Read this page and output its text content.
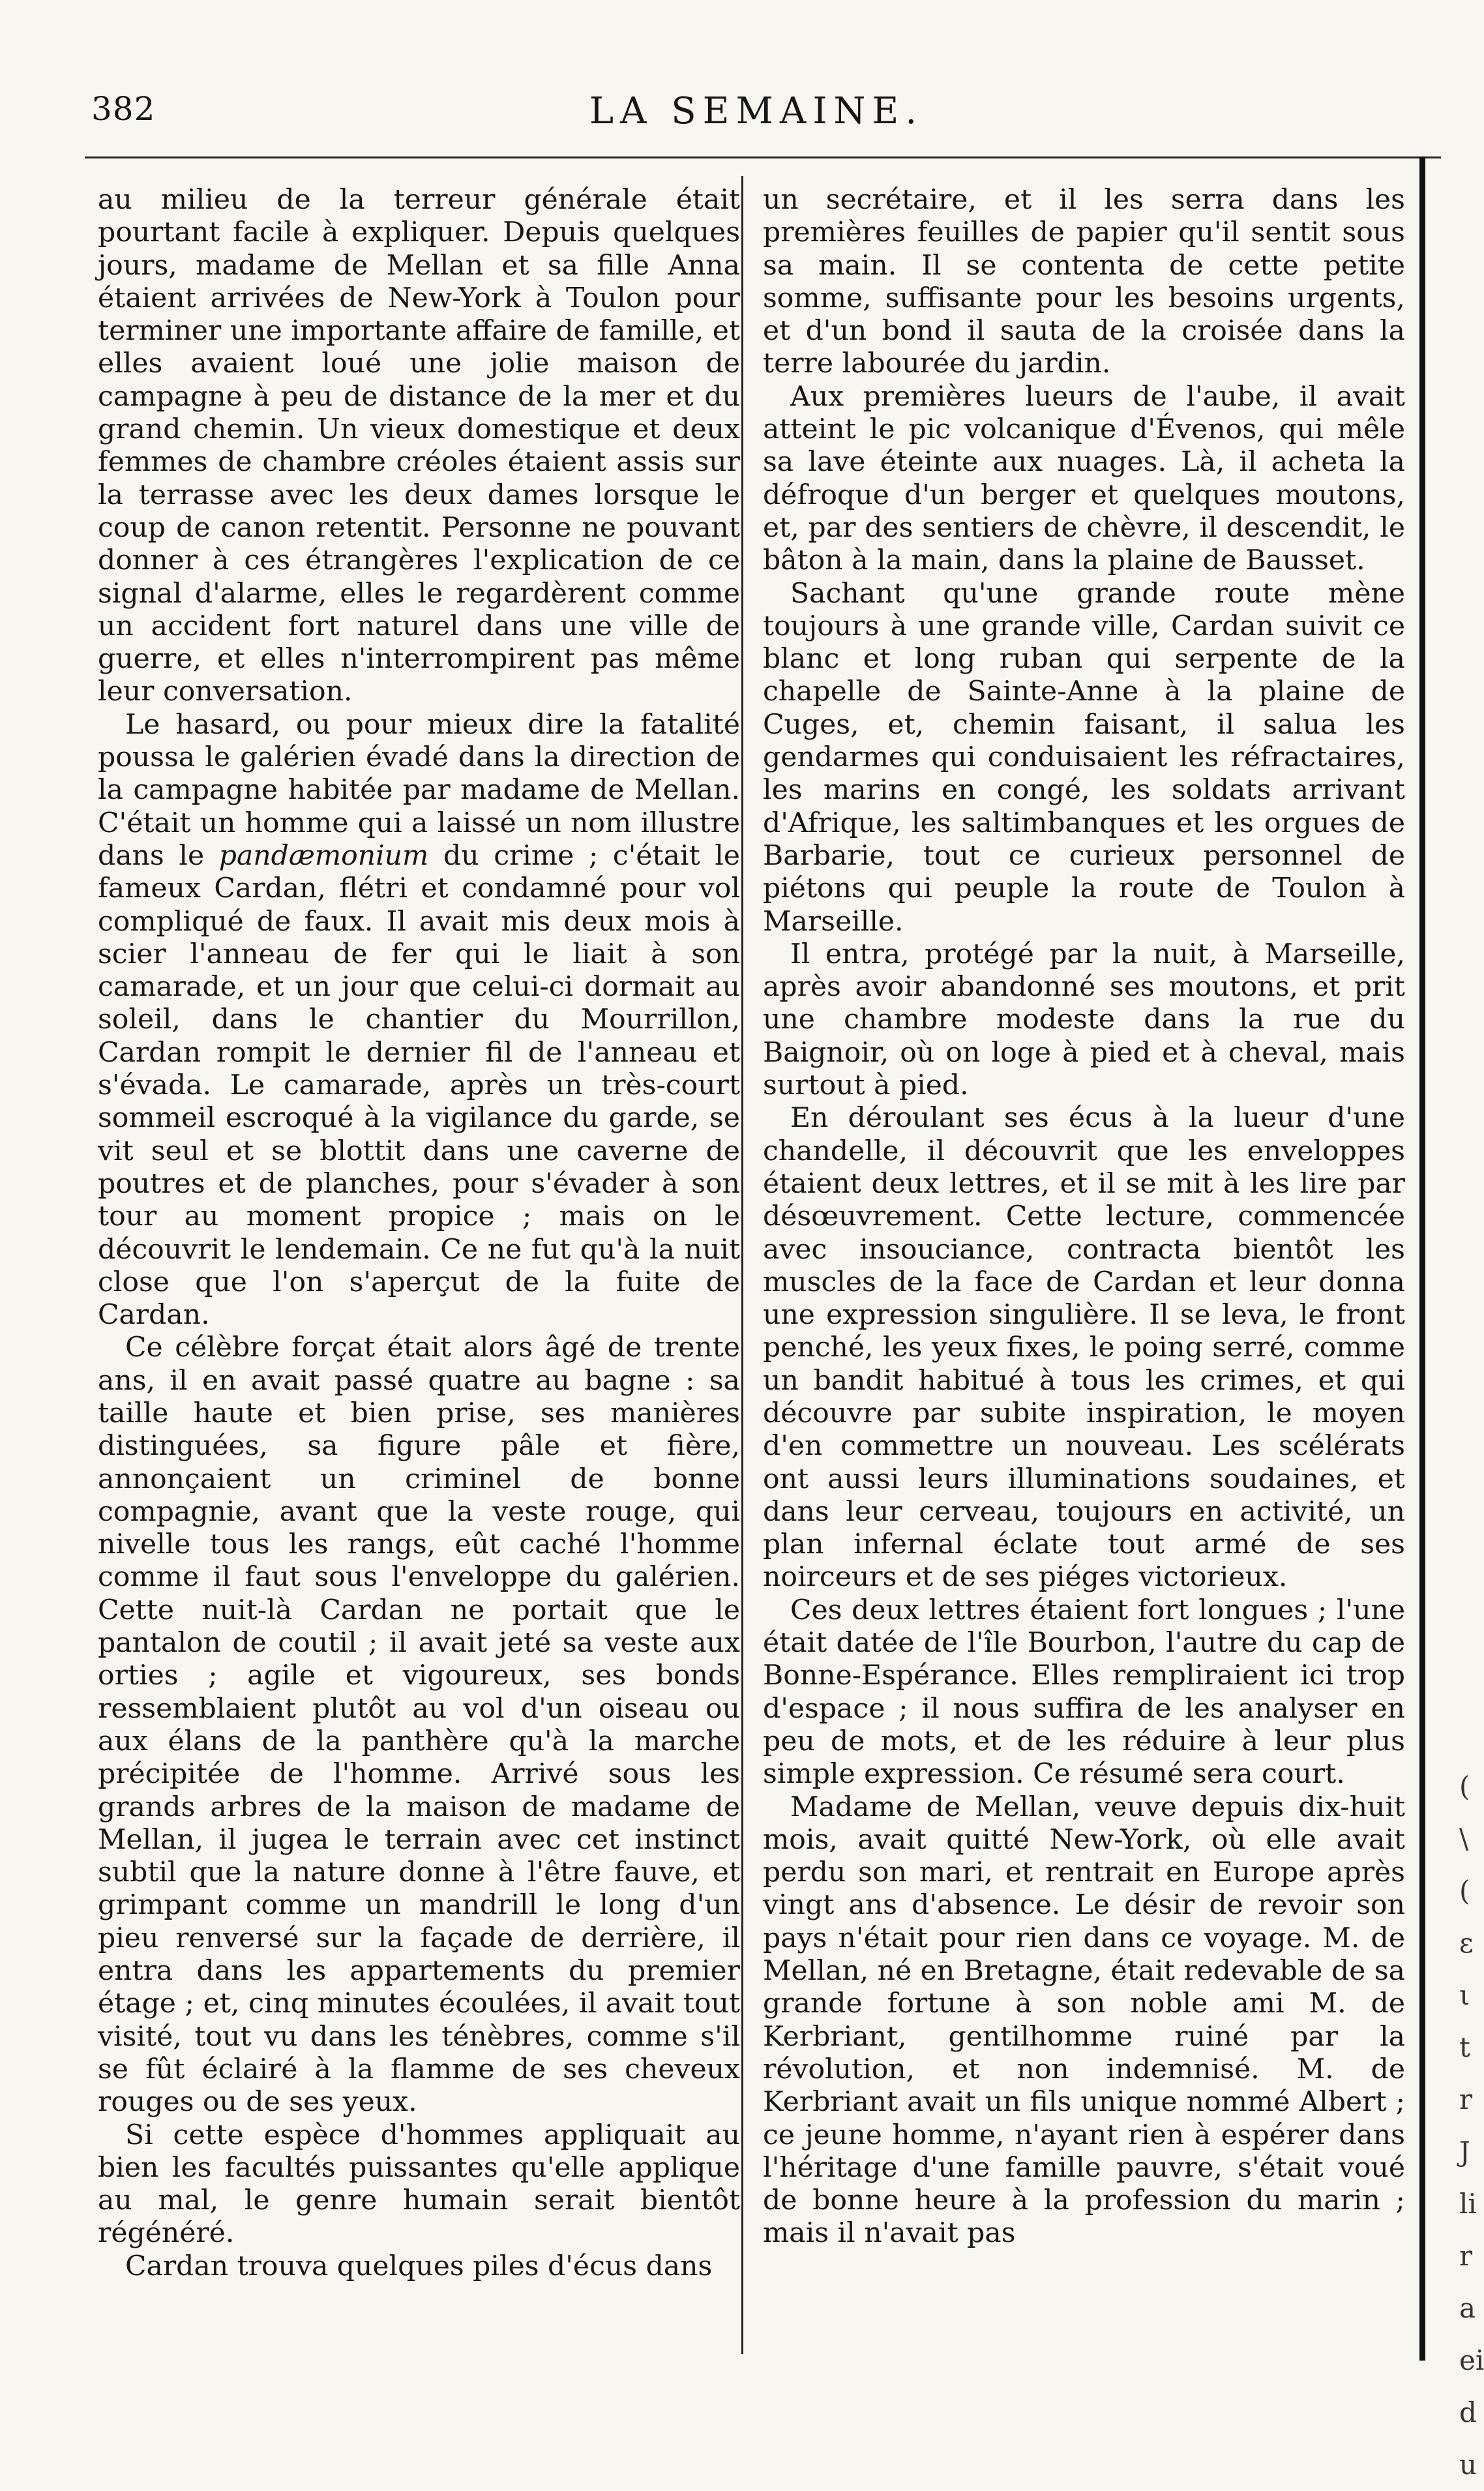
382	LA SEMAINE.

au milieu de la terreur générale était pourtant facile à expliquer. Depuis quelques jours, madame de Mellan et sa fille Anna étaient arrivées de New-York à Toulon pour terminer une importante affaire de famille, et elles avaient loué une jolie maison de campagne à peu de distance de la mer et du grand chemin. Un vieux domestique et deux femmes de chambre créoles étaient assis sur la terrasse avec les deux dames lorsque le coup de canon retentit. Personne ne pouvant donner à ces étrangères l'explication de ce signal d'alarme, elles le regardèrent comme un accident fort naturel dans une ville de guerre, et elles n'interrompirent pas même leur conversation.

Le hasard, ou pour mieux dire la fatalité poussa le galérien évadé dans la direction de la campagne habitée par madame de Mellan. C'était un homme qui a laissé un nom illustre dans le pandæmonium du crime ; c'était le fameux Cardan, flétri et condamné pour vol compliqué de faux. Il avait mis deux mois à scier l'anneau de fer qui le liait à son camarade, et un jour que celui-ci dormait au soleil, dans le chantier du Mourrillon, Cardan rompit le dernier fil de l'anneau et s'évada. Le camarade, après un très-court sommeil escroqué à la vigilance du garde, se vit seul et se blottit dans une caverne de poutres et de planches, pour s'évader à son tour au moment propice ; mais on le découvrit le lendemain. Ce ne fut qu'à la nuit close que l'on s'aperçut de la fuite de Cardan.

Ce célèbre forçat était alors âgé de trente ans, il en avait passé quatre au bagne : sa taille haute et bien prise, ses manières distinguées, sa figure pâle et fière, annonçaient un criminel de bonne compagnie, avant que la veste rouge, qui nivelle tous les rangs, eût caché l'homme comme il faut sous l'enveloppe du galérien. Cette nuit-là Cardan ne portait que le pantalon de coutil ; il avait jeté sa veste aux orties ; agile et vigoureux, ses bonds ressemblaient plutôt au vol d'un oiseau ou aux élans de la panthère qu'à la marche précipitée de l'homme. Arrivé sous les grands arbres de la maison de madame de Mellan, il jugea le terrain avec cet instinct subtil que la nature donne à l'être fauve, et grimpant comme un mandrill le long d'un pieu renversé sur la façade de derrière, il entra dans les appartements du premier étage ; et, cinq minutes écoulées, il avait tout visité, tout vu dans les ténèbres, comme s'il se fût éclairé à la flamme de ses cheveux rouges ou de ses yeux.

Si cette espèce d'hommes appliquait au bien les facultés puissantes qu'elle applique au mal, le genre humain serait bientôt régénéré.

Cardan trouva quelques piles d'écus dans

un secrétaire, et il les serra dans les premières feuilles de papier qu'il sentit sous sa main. Il se contenta de cette petite somme, suffisante pour les besoins urgents, et d'un bond il sauta de la croisée dans la terre labourée du jardin.

Aux premières lueurs de l'aube, il avait atteint le pic volcanique d'Évenos, qui mêle sa lave éteinte aux nuages. Là, il acheta la défroque d'un berger et quelques moutons, et, par des sentiers de chèvre, il descendit, le bâton à la main, dans la plaine de Bausset.

Sachant qu'une grande route mène toujours à une grande ville, Cardan suivit ce blanc et long ruban qui serpente de la chapelle de Sainte-Anne à la plaine de Cuges, et, chemin faisant, il salua les gendarmes qui conduisaient les réfractaires, les marins en congé, les soldats arrivant d'Afrique, les saltimbanques et les orgues de Barbarie, tout ce curieux personnel de piétons qui peuple la route de Toulon à Marseille.

Il entra, protégé par la nuit, à Marseille, après avoir abandonné ses moutons, et prit une chambre modeste dans la rue du Baignoir, où on loge à pied et à cheval, mais surtout à pied.

En déroulant ses écus à la lueur d'une chandelle, il découvrit que les enveloppes étaient deux lettres, et il se mit à les lire par désœuvrement. Cette lecture, commencée avec insouciance, contracta bientôt les muscles de la face de Cardan et leur donna une expression singulière. Il se leva, le front penché, les yeux fixes, le poing serré, comme un bandit habitué à tous les crimes, et qui découvre par subite inspiration, le moyen d'en commettre un nouveau. Les scélérats ont aussi leurs illuminations soudaines, et dans leur cerveau, toujours en activité, un plan infernal éclate tout armé de ses noirceurs et de ses piéges victorieux.

Ces deux lettres étaient fort longues ; l'une était datée de l'île Bourbon, l'autre du cap de Bonne-Espérance. Elles rempliraient ici trop d'espace ; il nous suffira de les analyser en peu de mots, et de les réduire à leur plus simple expression. Ce résumé sera court.

Madame de Mellan, veuve depuis dix-huit mois, avait quitté New-York, où elle avait perdu son mari, et rentrait en Europe après vingt ans d'absence. Le désir de revoir son pays n'était pour rien dans ce voyage. M. de Mellan, né en Bretagne, était redevable de sa grande fortune à son noble ami M. de Kerbriant, gentilhomme ruiné par la révolution, et non indemnisé. M. de Kerbriant avait un fils unique nommé Albert ; ce jeune homme, n'ayant rien à espérer dans l'héritage d'une famille pauvre, s'était voué de bonne heure à la profession du marin ; mais il n'avait pas

(
\
(
ε
ι
t
r
J
li
r
a
ei
d
u
